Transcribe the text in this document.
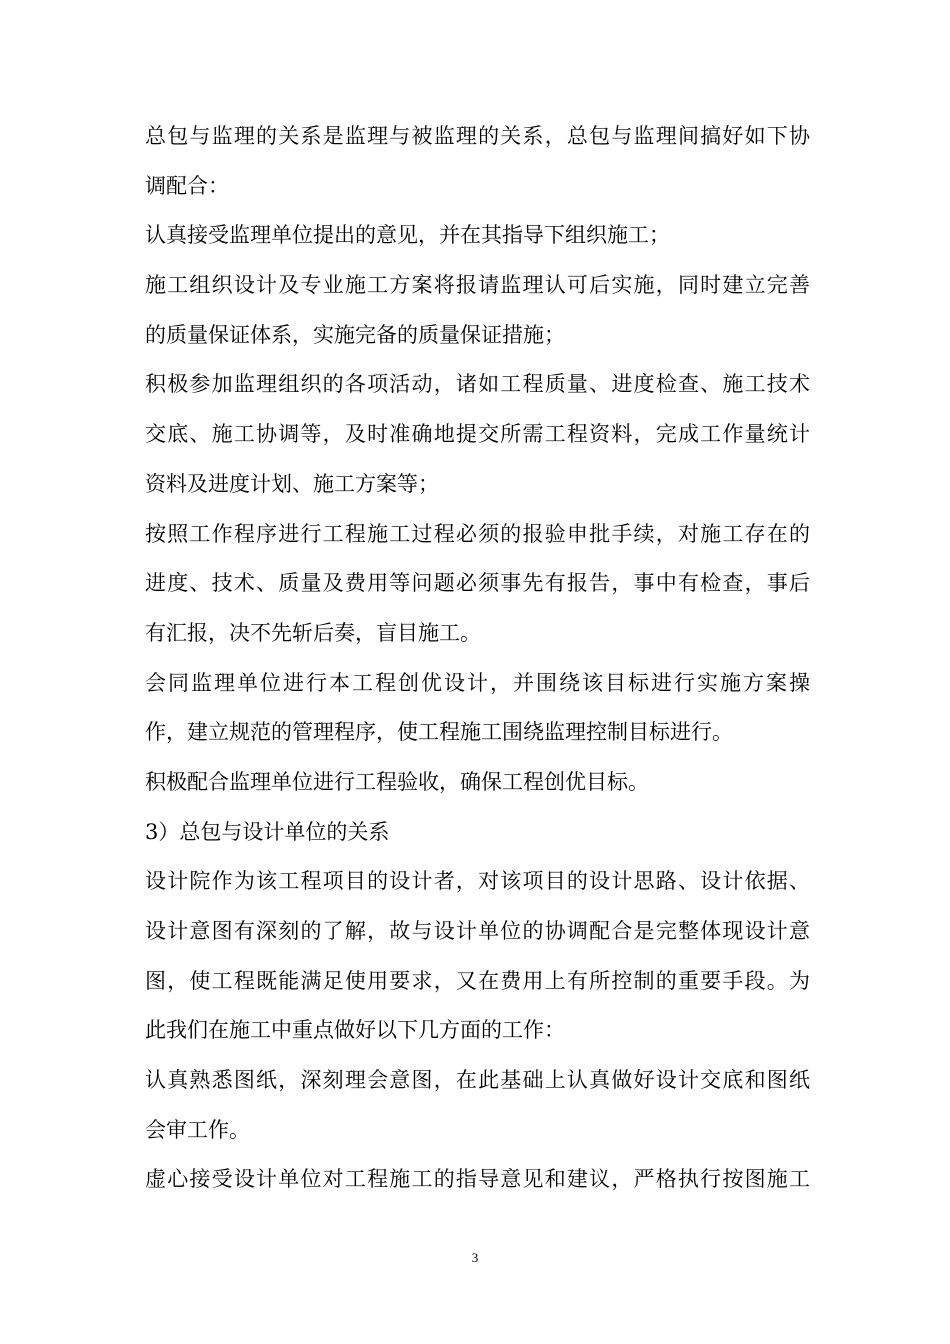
总包与监理的关系是监理与被监理的关系，总包与监理间搞好如下协
调配合：
认真接受监理单位提出的意见，并在其指导下组织施工；
施工组织设计及专业施工方案将报请监理认可后实施，同时建立完善
的质量保证体系，实施完备的质量保证措施；
积极参加监理组织的各项活动，诸如工程质量、进度检查、施工技术
交底、施工协调等，及时准确地提交所需工程资料，完成工作量统计
资料及进度计划、施工方案等；
按照工作程序进行工程施工过程必须的报验申批手续，对施工存在的
进度、技术、质量及费用等问题必须事先有报告，事中有检查，事后
有汇报，决不先斩后奏，盲目施工。
会同监理单位进行本工程创优设计，并围绕该目标进行实施方案操
作，建立规范的管理程序，使工程施工围绕监理控制目标进行。
积极配合监理单位进行工程验收，确保工程创优目标。
3）总包与设计单位的关系
设计院作为该工程项目的设计者，对该项目的设计思路、设计依据、
设计意图有深刻的了解，故与设计单位的协调配合是完整体现设计意
图，使工程既能满足使用要求，又在费用上有所控制的重要手段。为
此我们在施工中重点做好以下几方面的工作：
认真熟悉图纸，深刻理会意图，在此基础上认真做好设计交底和图纸
会审工作。
虚心接受设计单位对工程施工的指导意见和建议，严格执行按图施工
3
